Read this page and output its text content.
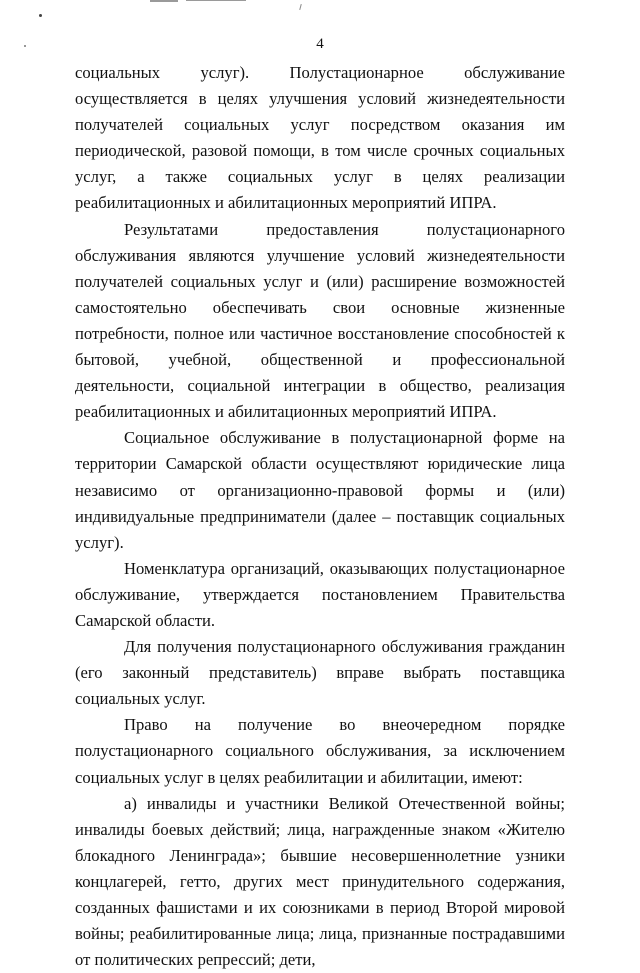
4

социальных услуг). Полустационарное обслуживание осуществляется в целях улучшения условий жизнедеятельности получателей социальных услуг посредством оказания им периодической, разовой помощи, в том числе срочных социальных услуг, а также социальных услуг в целях реализации реабилитационных и абилитационных мероприятий ИПРА.

Результатами предоставления полустационарного обслуживания являются улучшение условий жизнедеятельности получателей социальных услуг и (или) расширение возможностей самостоятельно обеспечивать свои основные жизненные потребности, полное или частичное восстановление способностей к бытовой, учебной, общественной и профессиональной деятельности, социальной интеграции в общество, реализация реабилитационных и абилитационных мероприятий ИПРА.

Социальное обслуживание в полустационарной форме на территории Самарской области осуществляют юридические лица независимо от организационно-правовой формы и (или) индивидуальные предприниматели (далее – поставщик социальных услуг).

Номенклатура организаций, оказывающих полустационарное обслуживание, утверждается постановлением Правительства Самарской области.

Для получения полустационарного обслуживания гражданин (его законный представитель) вправе выбрать поставщика социальных услуг.

Право на получение во внеочередном порядке полустационарного социального обслуживания, за исключением социальных услуг в целях реабилитации и абилитации, имеют:

а) инвалиды и участники Великой Отечественной войны; инвалиды боевых действий; лица, награжденные знаком «Жителю блокадного Ленинграда»; бывшие несовершеннолетние узники концлагерей, гетто, других мест принудительного содержания, созданных фашистами и их союзниками в период Второй мировой войны; реабилитированные лица; лица, признанные пострадавшими от политических репрессий; дети,
